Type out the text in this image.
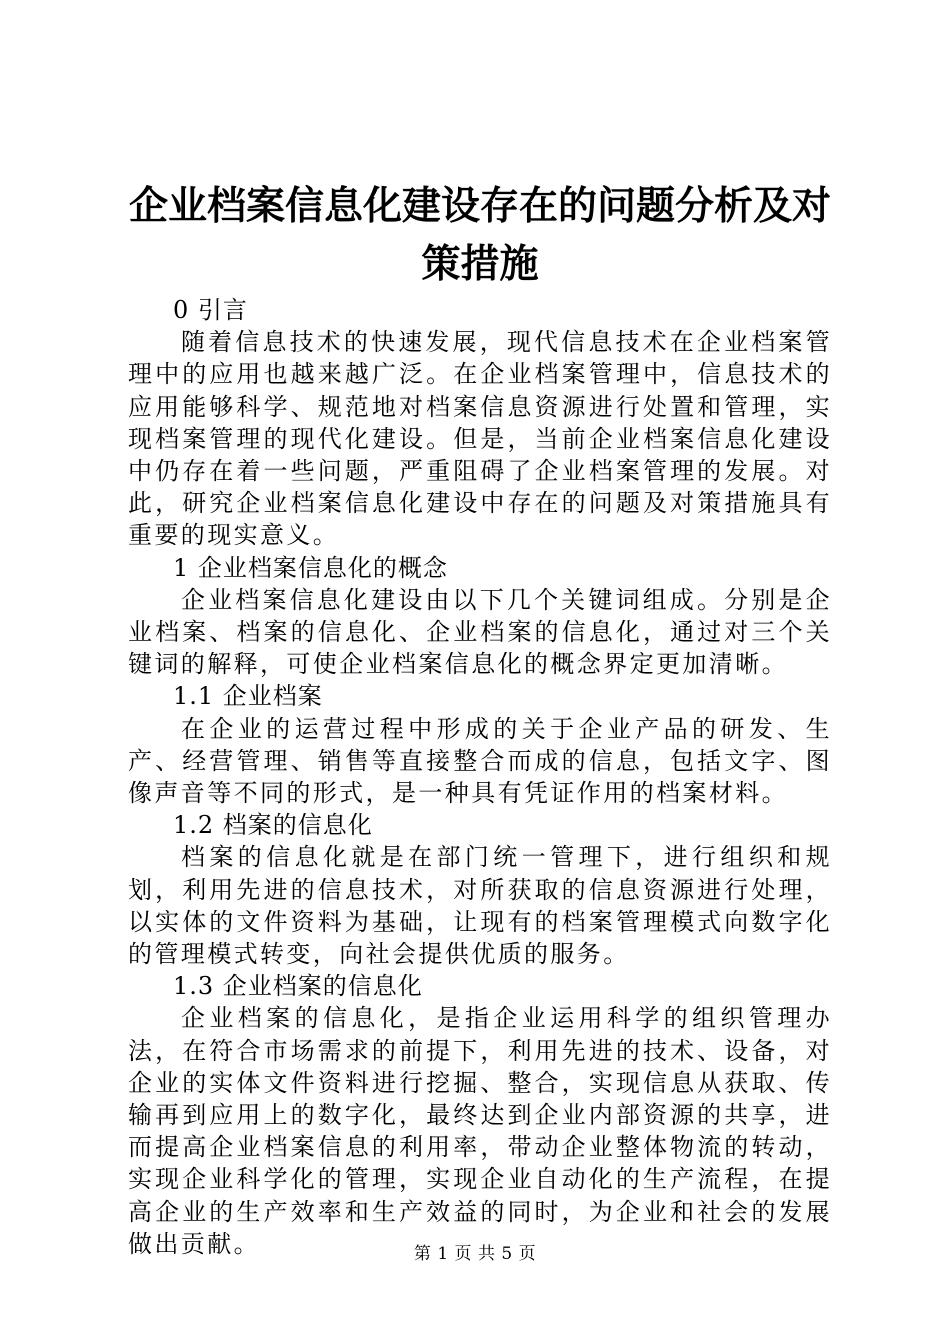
企业档案信息化建设存在的问题分析及对策措施

0 引言

随着信息技术的快速发展，现代信息技术在企业档案管理中的应用也越来越广泛。在企业档案管理中，信息技术的应用能够科学、规范地对档案信息资源进行处置和管理，实现档案管理的现代化建设。但是，当前企业档案信息化建设中仍存在着一些问题，严重阻碍了企业档案管理的发展。对此，研究企业档案信息化建设中存在的问题及对策措施具有重要的现实意义。

1 企业档案信息化的概念

企业档案信息化建设由以下几个关键词组成。分别是企业档案、档案的信息化、企业档案的信息化，通过对三个关键词的解释，可使企业档案信息化的概念界定更加清晰。

1.1 企业档案

在企业的运营过程中形成的关于企业产品的研发、生产、经营管理、销售等直接整合而成的信息，包括文字、图像声音等不同的形式，是一种具有凭证作用的档案材料。

1.2 档案的信息化

档案的信息化就是在部门统一管理下，进行组织和规划，利用先进的信息技术，对所获取的信息资源进行处理，以实体的文件资料为基础，让现有的档案管理模式向数字化的管理模式转变，向社会提供优质的服务。

1.3 企业档案的信息化

企业档案的信息化，是指企业运用科学的组织管理办法，在符合市场需求的前提下，利用先进的技术、设备，对企业的实体文件资料进行挖掘、整合，实现信息从获取、传输再到应用上的数字化，最终达到企业内部资源的共享，进而提高企业档案信息的利用率，带动企业整体物流的转动，实现企业科学化的管理，实现企业自动化的生产流程，在提高企业的生产效率和生产效益的同时，为企业和社会的发展做出贡献。	第 1 页 共 5 页
